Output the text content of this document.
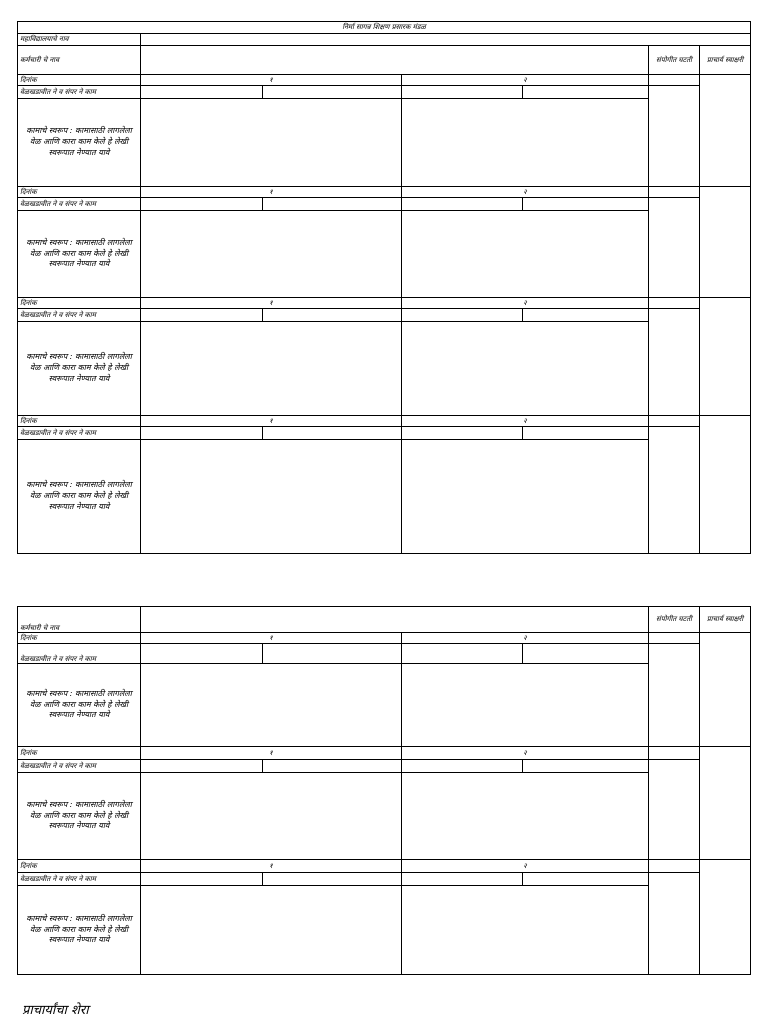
निर्मा सागन्र शिक्षण प्रसारक मंडळ						
महाविद्यालयाचे नाव						
कर्मचारी चे नाव					संपोगीत घटती	प्राचार्य स्वाक्षरी
दिनांक	१		२			
वेळखडावीत ने व संपर ने काम						
कामाचे स्वरूप : कामासाठी लागलेला वेळ आणि कारा काम केले हे लेखी स्वरूपात नेण्यात यावे						
दिनांक	१		२			
वेळखडावीत ने व संपर ने काम						
कामाचे स्वरूप : कामासाठी लागलेला वेळ आणि कारा काम केले हे लेखी स्वरूपात नेण्यात यावे						
दिनांक	१		२			
वेळखडावीत ने व संपर ने काम						
कामाचे स्वरूप : कामासाठी लागलेला वेळ आणि कारा काम केले हे लेखी स्वरूपात नेण्यात यावे						
दिनांक	१		२			
वेळखडावीत ने व संपर ने काम						
कामाचे स्वरूप : कामासाठी लागलेला वेळ आणि कारा काम केले हे लेखी स्वरूपात नेण्यात यावे						
कर्मचारी चे नाव					संपोगीत घटती	प्राचार्य स्वाक्षरी
दिनांक	१		२			
वेळखडावीत ने व संपर ने काम						
कामाचे स्वरूप : कामासाठी लागलेला वेळ आणि कारा काम केले हे लेखी स्वरूपात नेण्यात यावे						
दिनांक	१		२			
वेळखडावीत ने व संपर ने काम						
कामाचे स्वरूप : कामासाठी लागलेला वेळ आणि कारा काम केले हे लेखी स्वरूपात नेण्यात यावे						
दिनांक	१		२			
वेळखडावीत ने व संपर ने काम						
कामाचे स्वरूप : कामासाठी लागलेला वेळ आणि कारा काम केले हे लेखी स्वरूपात नेण्यात यावे						
प्राचार्यांचा शेरा
